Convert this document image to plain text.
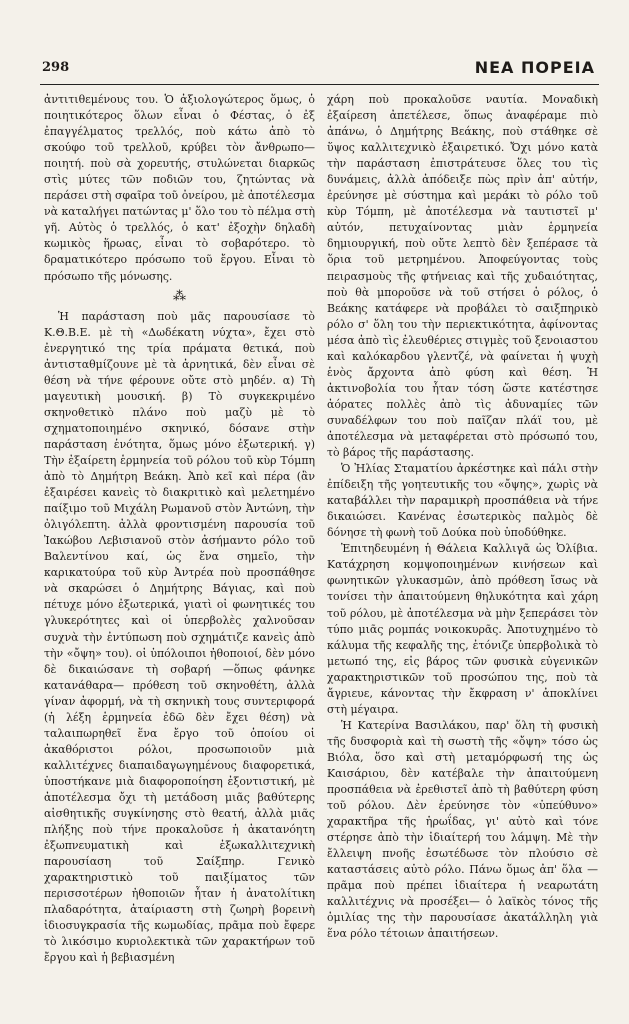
298	ΝΕΑ ΠΟΡΕΙΑ

ἀντιτιθεμένους του. Ὁ ἀξιολογώτερος ὅμως, ὁ ποιητικότερος ὅλων εἶναι ὁ Φέστας, ὁ ἐξ ἐπαγγέλματος τρελλός, ποὺ κάτω ἀπὸ τὸ σκούφο τοῦ τρελλοῦ, κρύβει τὸν ἄνθρωπο—ποιητή. ποὺ σὰ χορευτής, στυλώνεται διαρκῶς στὶς μύτες τῶν ποδιῶν του, ζητώντας νὰ περάσει στὴ σφαῖρα τοῦ ὀνείρου, μὲ ἀποτέλεσμα νὰ καταλήγει πατώντας μ' ὅλο του τὸ πέλμα στὴ γῆ. Αὐτὸς ὁ τρελλός, ὁ κατ' ἐξοχὴν δηλαδὴ κωμικὸς ἥρωας, εἶναι τὸ σοβαρότερο. τὸ δραματικότερο πρόσωπο τοῦ ἔργου. Εἶναι τὸ πρόσωπο τῆς μόνωσης.

⁂

Ἡ παράσταση ποὺ μᾶς παρουσίασε τὸ Κ.Θ.Β.Ε. μὲ τὴ «Δωδέκατη νύχτα», ἔχει στὸ ἐνεργητικό της τρία πράματα θετικά, ποὺ ἀντισταθμίζουνε μὲ τὰ ἀρνητικά, δὲν εἶναι σὲ θέση νὰ τήνε φέρουνε οὔτε στὸ μηδέν. α) Τὴ μαγευτικὴ μουσική. β) Τὸ συγκεκριμένο σκηνοθετικὸ πλάνο ποὺ μαζὺ μὲ τὸ σχηματοποιημένο σκηνικό, δόσανε στὴν παράσταση ἑνότητα, ὅμως μόνο ἐξωτερική. γ) Τὴν ἐξαίρετη ἑρμηνεία τοῦ ρόλου τοῦ κὺρ Τόμπη ἀπὸ τὸ Δημήτρη Βεάκη. Ἀπὸ κεῖ καὶ πέρα (ἂν ἐξαιρέσει κανεὶς τὸ διακριτικὸ καὶ μελετημένο παίξιμο τοῦ Μιχάλη Ρωμανοῦ στὸν Ἀντώνη, τὴν ὀλιγόλεπτη. ἀλλὰ φροντισμένη παρουσία τοῦ Ἰακώβου Λεβισιανοῦ στὸν ἀσήμαντο ρόλο τοῦ Βαλεντίνου καί, ὡς ἕνα σημεῖο, τὴν καρικατούρα τοῦ κὺρ Ἀντρέα ποὺ προσπάθησε νὰ σκαρώσει ὁ Δημήτρης Βάγιας, καὶ ποὺ πέτυχε μόνο ἐξωτερικά, γιατὶ οἱ φωνητικές του γλυκερότητες καὶ οἱ ὑπερβολὲς χαλνοῦσαν συχνὰ τὴν ἐντύπωση ποὺ σχημάτιζε κανεὶς ἀπὸ τὴν «ὄψη» του). οἱ ὑπόλοιποι ἠθοποιοί, δὲν μόνο δὲ δικαιώσανε τὴ σοβαρή —ὅπως φάνηκε κατανάθαρα— πρόθεση τοῦ σκηνοθέτη, ἀλλὰ γίναν ἀφορμή, νὰ τὴ σκηνικὴ τους συντεριφορά (ἡ λέξη ἑρμηνεία ἐδῶ δὲν ἔχει θέση) νὰ ταλαιπωρηθεῖ ἕνα ἔργο τοῦ ὁποίου οἱ ἀκαθόριστοι ρόλοι, προσωποιοῦν μιὰ καλλιτέχνες διαπαιδαγωγημένους διαφορετικά, ὑποστήκανε μιὰ διαφοροποίηση ἐξοντιστική, μὲ ἀποτέλεσμα ὄχι τὴ μετάδοση μιᾶς βαθύτερης αἰσθητικῆς συγκίνησης στὸ θεατή, ἀλλὰ μιᾶς πλήξης ποὺ τήνε προκαλοῦσε ἡ ἀκατανόητη ἐξωπνευματικὴ καὶ ἐξωκαλλιτεχνικὴ παρουσίαση τοῦ Σαίξπηρ. Γενικὸ χαρακτηριστικὸ τοῦ παιξίματος τῶν περισσοτέρων ἠθοποιῶν ἦταν ἡ ἀνατολίτικη πλαδαρότητα, ἀταίριαστη στὴ ζωηρὴ βορεινὴ ἰδιοσυγκρασία τῆς κωμωδίας, πρᾶμα ποὺ ἔφερε τὸ λικόσιμο κυριολεκτικὰ τῶν χαρακτήρων τοῦ ἔργου καὶ ἡ βεβιασμένη

χάρη ποὺ προκαλοῦσε ναυτία. Μοναδικὴ ἐξαίρεση ἀπετέλεσε, ὅπως ἀναφέραμε πιὸ ἀπάνω, ὁ Δημήτρης Βεάκης, ποὺ στάθηκε σὲ ὕψος καλλιτεχνικὸ ἐξαιρετικό. Ὄχι μόνο κατὰ τὴν παράσταση ἐπιστράτευσε ὅλες του τὶς δυνάμεις, ἀλλὰ ἀπόδειξε πὼς πρὶν ἀπ' αὐτήν, ἐρεύνησε μὲ σύστημα καὶ μεράκι τὸ ρόλο τοῦ κὺρ Τόμπη, μὲ ἀποτέλεσμα νὰ ταυτιστεῖ μ' αὐτόν, πετυχαίνοντας μιὰν ἑρμηνεία δημιουργική, ποὺ οὔτε λεπτὸ δὲν ξεπέρασε τὰ ὅρια τοῦ μετρημένου. Ἀποφεύγοντας τοὺς πειρασμοὺς τῆς φτήνειας καὶ τῆς χυδαιότητας, ποὺ θὰ μποροῦσε νὰ τοῦ στήσει ὁ ρόλος, ὁ Βεάκης κατάφερε νὰ προβάλει τὸ σαιξπηρικὸ ρόλο σ' ὅλη του τὴν περιεκτικότητα, ἀφίνοντας μέσα ἀπὸ τὶς ἐλευθέριες στιγμὲς τοῦ ξενοιαστου καὶ καλόκαρδου γλεντζέ, νὰ φαίνεται ἡ ψυχὴ ἑνὸς ἄρχοντα ἀπὸ φύση καὶ θέση. Ἡ ἀκτινοβολία του ἦταν τόση ὥστε κατέστησε ἀόρατες πολλὲς ἀπὸ τὶς ἀδυναμίες τῶν συναδέλφων του ποὺ παῖζαν πλάϊ του, μὲ ἀποτέλεσμα νὰ μεταφέρεται στὸ πρόσωπό του, τὸ βάρος τῆς παράστασης.

Ὁ Ἠλίας Σταματίου ἀρκέστηκε καὶ πάλι στὴν ἐπίδειξη τῆς γοητευτικῆς του «ὄψης», χωρὶς νὰ καταβάλλει τὴν παραμικρὴ προσπάθεια νὰ τήνε δικαιώσει. Κανένας ἐσωτερικὸς παλμὸς δὲ δόνησε τὴ φωνὴ τοῦ Δούκα ποὺ ὑποδύθηκε.

Ἐπιτηδευμένη ἡ Θάλεια Καλλιγᾶ ὡς Ὀλίβια. Κατάχρηση κομψοποιημένων κινήσεων καὶ φωνητικῶν γλυκασμῶν, ἀπὸ πρόθεση ἴσως νὰ τονίσει τὴν ἀπαιτούμενη θηλυκότητα καὶ χάρη τοῦ ρόλου, μὲ ἀποτέλεσμα νὰ μὴν ξεπεράσει τὸν τύπο μιᾶς ρομπάς νοικοκυρᾶς. Ἀποτυχημένο τὸ κάλυμα τῆς κεφαλῆς της, ἐτόνιζε ὑπερβολικὰ τὸ μετωπό της, εἰς βάρος τῶν φυσικὰ εὐγενικῶν χαρακτηριστικῶν τοῦ προσώπου της, ποὺ τὰ ἄγριευε, κάνοντας τὴν ἔκφραση ν' ἀποκλίνει στὴ μέγαιρα.

Ἡ Κατερίνα Βασιλάκου, παρ' ὅλη τὴ φυσικὴ τῆς δυσφοριὰ καὶ τὴ σωστὴ τῆς «ὄψη» τόσο ὡς Βιόλα, ὅσο καὶ στὴ μεταμόρφωσή της ὡς Καισάριου, δὲν κατέβαλε τὴν ἀπαιτούμενη προσπάθεια νὰ ἐρεθιστεῖ ἀπὸ τὴ βαθύτερη φύση τοῦ ρόλου. Δὲν ἐρεύνησε τὸν «ὑπεύθυνο» χαρακτῆρα τῆς ἡρωΐδας, γι' αὐτὸ καὶ τόνε στέρησε ἀπὸ τὴν ἰδιαίτερή του λάμψη. Μὲ τὴν ἔλλειψη πνοῆς ἐσωτέδωσε τὸν πλούσιο σὲ καταστάσεις αὐτὸ ρόλο. Πάνω ὅμως ἀπ' ὅλα —πρᾶμα ποὺ πρέπει ἰδιαίτερα ἡ νεαρωτάτη καλλιτέχνις νὰ προσέξει— ὁ λαϊκὸς τόνος τῆς ὁμιλίας της τὴν παρουσίασε ἀκατάλληλη γιὰ ἕνα ρόλο τέτοιων ἀπαιτήσεων.
